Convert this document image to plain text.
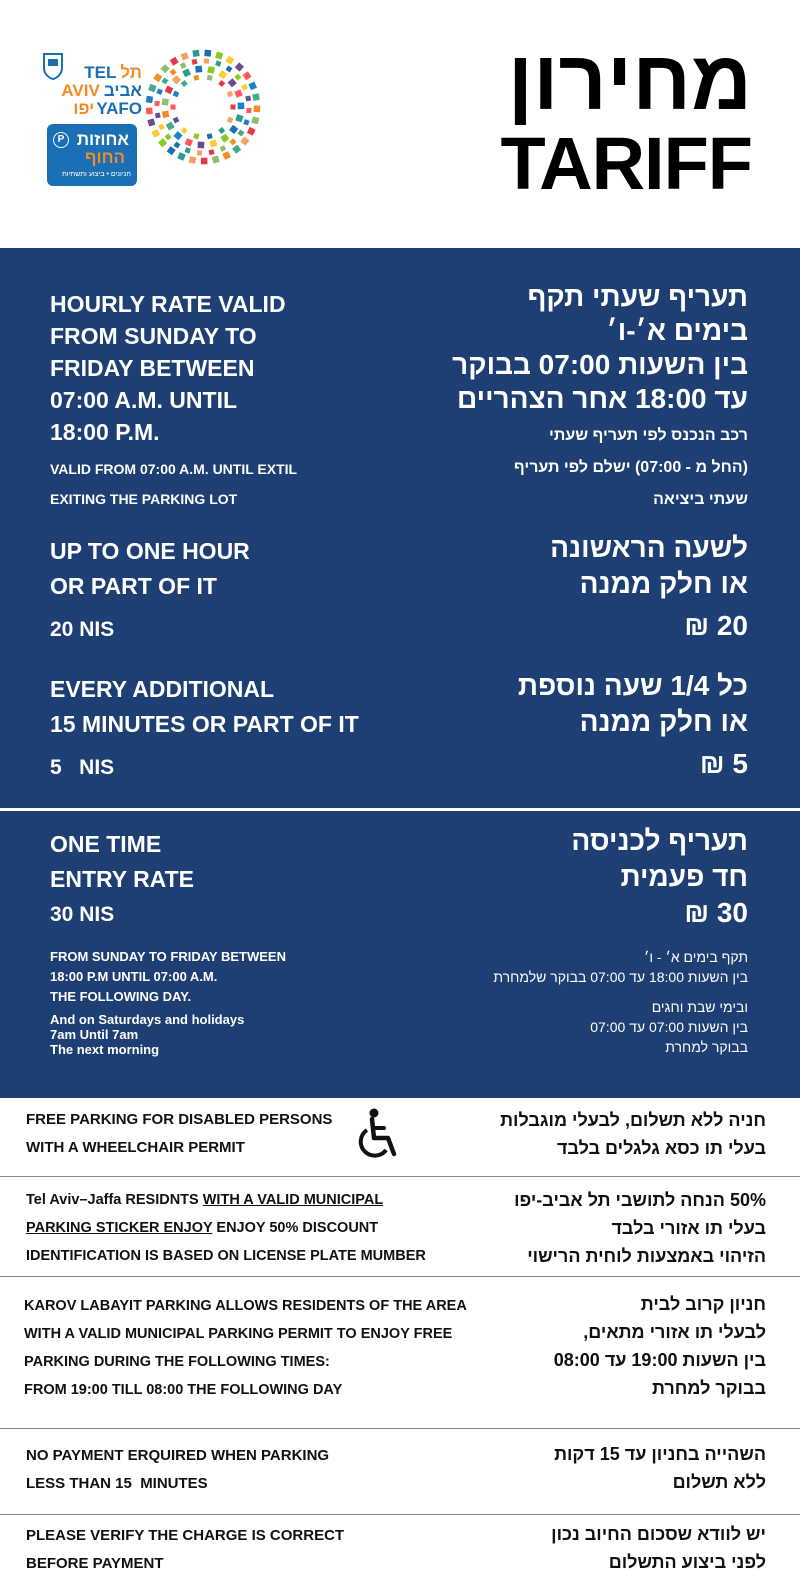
TEL תל
AVIV אביב
יפו YAFO
אחוזות
החוף
חניונים • ביצוע ותשתיות
P
מחירון
TARIFF
HOURLY RATE VALID
FROM SUNDAY TO
FRIDAY BETWEEN
07:00 A.M. UNTIL
18:00 P.M.
VALID FROM 07:00 A.M. UNTIL EXTIL
EXITING THE PARKING LOT
תעריף שעתי תקף
בימים א׳-ו׳
בין השעות 07:00 בבוקר
עד 18:00 אחר הצהריים
רכב הנכנס לפי תעריף שעתי
(החל מ - 07:00) ישלם לפי תעריף
שעתי ביציאה
UP TO ONE HOUR
OR PART OF IT
20 NIS
לשעה הראשונה
או חלק ממנה
20 ₪
EVERY ADDITIONAL
15 MINUTES OR PART OF IT
5   NIS
כל 1/4 שעה נוספת
או חלק ממנה
5 ₪
ONE TIME
ENTRY RATE
30 NIS
FROM SUNDAY TO FRIDAY BETWEEN
18:00 P.M UNTIL 07:00 A.M.
THE FOLLOWING DAY.
And on Saturdays and holidays
7am Until 7am
The next morning
תעריף לכניסה
חד פעמית
30 ₪
תקף בימים א׳ - ו׳
בין השעות 18:00 עד 07:00 בבוקר שלמחרת
ובימי שבת וחגים
בין השעות 07:00 עד 07:00
בבוקר למחרת
FREE PARKING FOR DISABLED PERSONS
WITH A WHEELCHAIR PERMIT
חניה ללא תשלום, לבעלי מוגבלות
בעלי תו כסא גלגלים בלבד
Tel Aviv–Jaffa RESIDNTS WITH A VALID MUNICIPAL
PARKING STICKER ENJOY ENJOY 50% DISCOUNT
IDENTIFICATION IS BASED ON LICENSE PLATE MUMBER
50% הנחה לתושבי תל אביב-יפו
בעלי תו אזורי בלבד
הזיהוי באמצעות לוחית הרישוי
KAROV LABAYIT PARKING ALLOWS RESIDENTS OF THE AREA
WITH A VALID MUNICIPAL PARKING PERMIT TO ENJOY FREE
PARKING DURING THE FOLLOWING TIMES:
FROM 19:00 TILL 08:00 THE FOLLOWING DAY
חניון קרוב לבית
לבעלי תו אזורי מתאים,
בין השעות 19:00 עד 08:00
בבוקר למחרת
NO PAYMENT ERQUIRED WHEN PARKING
LESS THAN 15  MINUTES
השהייה בחניון עד 15 דקות
ללא תשלום
PLEASE VERIFY THE CHARGE IS CORRECT
BEFORE PAYMENT
יש לוודא שסכום החיוב נכון
לפני ביצוע התשלום
